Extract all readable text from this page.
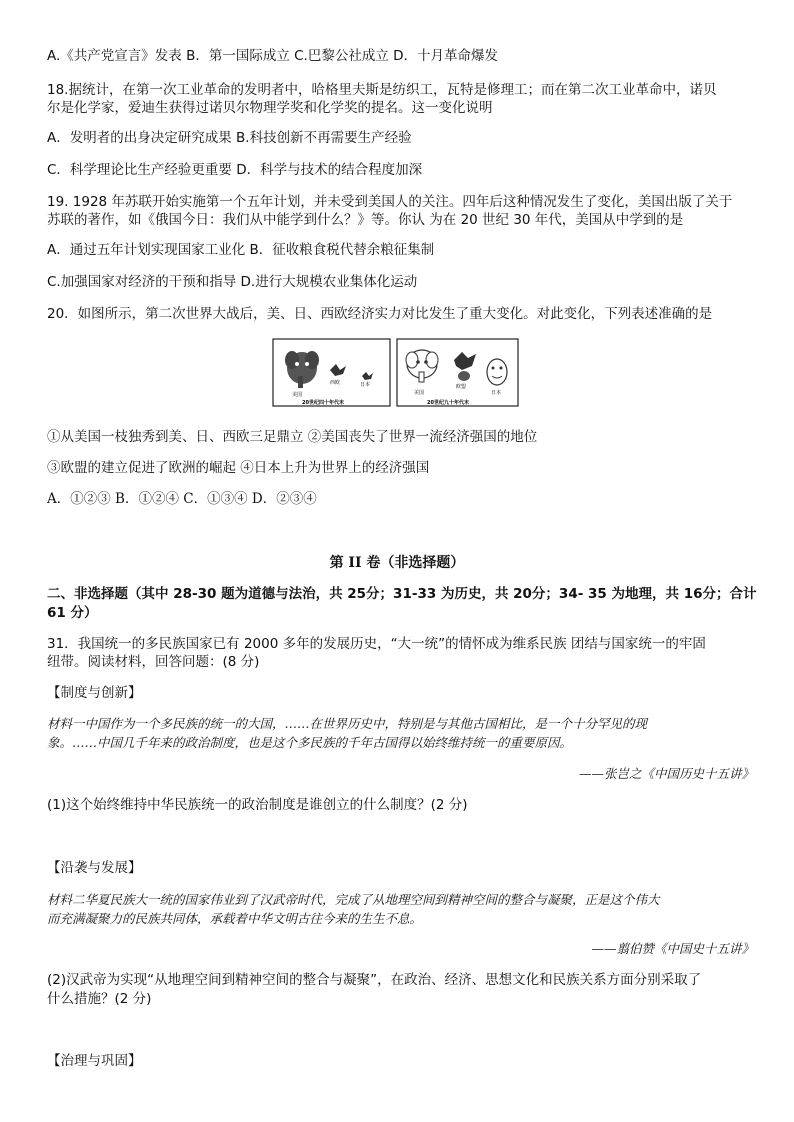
A.《共产党宣言》发表 B．第一国际成立 C.巴黎公社成立 D．十月革命爆发
18.据统计，在第一次工业革命的发明者中，哈格里夫斯是纺织工，瓦特是修理工；而在第二次工业革命中，诺贝
尔是化学家，爱迪生获得过诺贝尔物理学奖和化学奖的提名。这一变化说明
A．发明者的出身决定研究成果 B.科技创新不再需要生产经验
C．科学理论比生产经验更重要 D．科学与技术的结合程度加深
19. 1928 年苏联开始实施第一个五年计划，并未受到美国人的关注。四年后这种情况发生了变化，美国出版了关于
苏联的著作，如《俄国今日：我们从中能学到什么？》等。你认 为在 20 世纪 30 年代，美国从中学到的是
A．通过五年计划实现国家工业化 B．征收粮食税代替余粮征集制
C.加强国家对经济的干预和指导 D.进行大规模农业集体化运动
20．如图所示，第二次世界大战后，美、日、西欧经济实力对比发生了重大变化。对此变化，下列表述准确的是
美国
西欧	日本
20世纪四十年代末
美国
欧盟
日本
20世纪九十年代末
①从美国一枝独秀到美、日、西欧三足鼎立 ②美国丧失了世界一流经济强国的地位
③欧盟的建立促进了欧洲的崛起 ④日本上升为世界上的经济强国
A．①②③ B．①②④ C．①③④ D．②③④
第 II 卷（非选择题）
二、非选择题（其中 28-30 题为道德与法治，共 25分；31-33 为历史，共 20分；34- 35 为地理，共 16分；合计
61 分）
31．我国统一的多民族国家已有 2000 多年的发展历史，“大一统”的情怀成为维系民族 团结与国家统一的牢固
纽带。阅读材料，回答问题：(8 分)
【制度与创新】
材料一中国作为一个多民族的统一的大国，……在世界历史中，特别是与其他古国相比，是一个十分罕见的现
象。……中国几千年来的政治制度，也是这个多民族的千年古国得以始终维持统一的重要原因。
——张岂之《中国历史十五讲》
(1)这个始终维持中华民族统一的政治制度是谁创立的什么制度？(2 分)
【沿袭与发展】
材料二华夏民族大一统的国家伟业到了汉武帝时代，完成了从地理空间到精神空间的整合与凝聚，正是这个伟大
而充满凝聚力的民族共同体，承载着中华文明古往今来的生生不息。
——翦伯赞《中国史十五讲》
(2)汉武帝为实现“从地理空间到精神空间的整合与凝聚”，在政治、经济、思想文化和民族关系方面分别采取了
什么措施？(2 分)
【治理与巩固】
